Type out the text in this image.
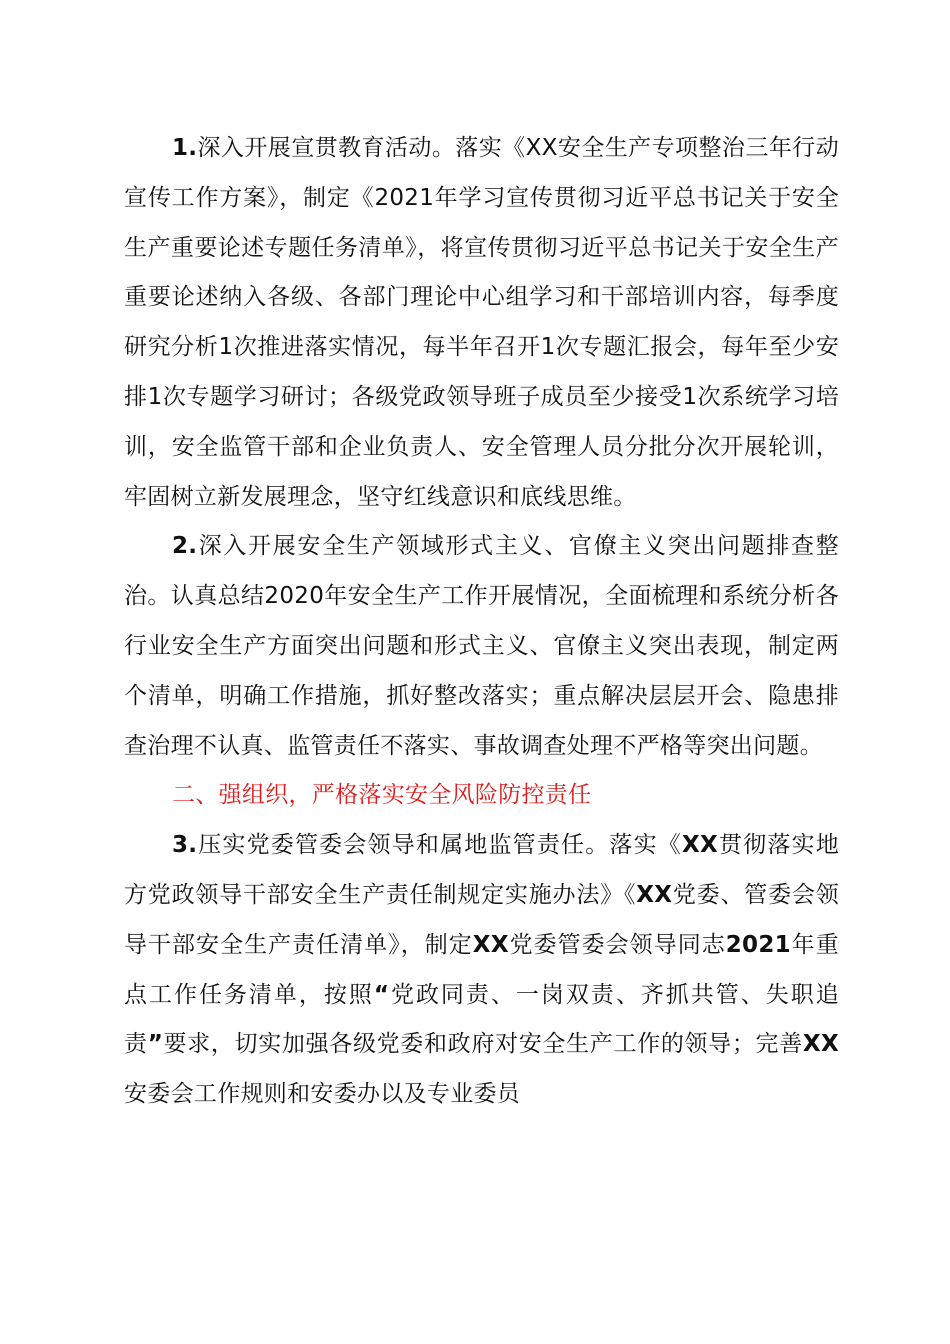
1.深入开展宣贯教育活动。落实《XX安全生产专项整治三年行动宣传工作方案》，制定《2021年学习宣传贯彻习近平总书记关于安全生产重要论述专题任务清单》，将宣传贯彻习近平总书记关于安全生产重要论述纳入各级、各部门理论中心组学习和干部培训内容，每季度研究分析1次推进落实情况，每半年召开1次专题汇报会，每年至少安排1次专题学习研讨；各级党政领导班子成员至少接受1次系统学习培训，安全监管干部和企业负责人、安全管理人员分批分次开展轮训，牢固树立新发展理念，坚守红线意识和底线思维。

2.深入开展安全生产领域形式主义、官僚主义突出问题排查整治。认真总结2020年安全生产工作开展情况，全面梳理和系统分析各行业安全生产方面突出问题和形式主义、官僚主义突出表现，制定两个清单，明确工作措施，抓好整改落实；重点解决层层开会、隐患排查治理不认真、监管责任不落实、事故调查处理不严格等突出问题。

二、强组织，严格落实安全风险防控责任

3.压实党委管委会领导和属地监管责任。落实《XX贯彻落实地方党政领导干部安全生产责任制规定实施办法》《XX党委、管委会领导干部安全生产责任清单》，制定XX党委管委会领导同志2021年重点工作任务清单，按照“党政同责、一岗双责、齐抓共管、失职追责”要求，切实加强各级党委和政府对安全生产工作的领导；完善XX安委会工作规则和安委办以及专业委员
